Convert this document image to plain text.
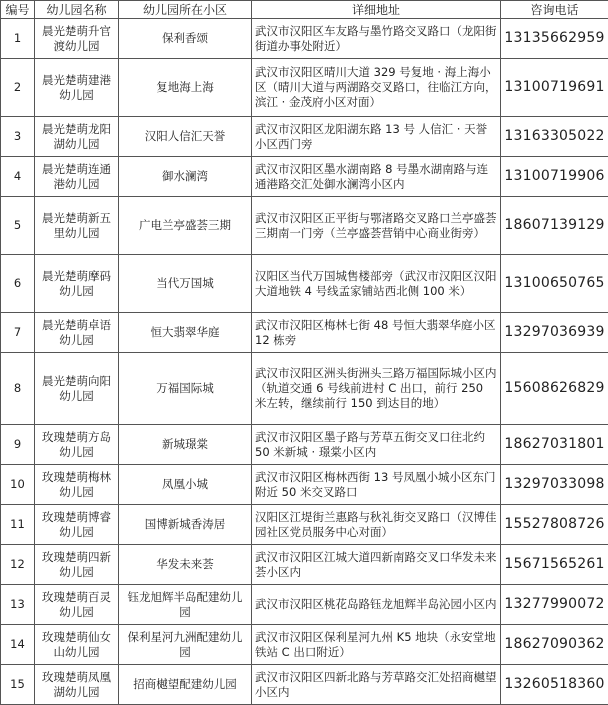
编号	幼儿园名称	幼儿园所在小区	详细地址	咨询电话
1	晨光楚萌升官渡幼儿园	保利香颂	武汉市汉阳区车友路与墨竹路交叉路口（龙阳街街道办事处附近）	13135662959
2	晨光楚萌建港幼儿园	复地海上海	武汉市汉阳区晴川大道 329 号复地 · 海上海小区（晴川大道与两湖路交叉路口，往临江方向，滨江 · 金茂府小区对面）	13100719691
3	晨光楚萌龙阳湖幼儿园	汉阳人信汇天誉	武汉市汉阳区龙阳湖东路 13 号 人信汇 · 天誉小区西门旁	13163305022
4	晨光楚萌连通港幼儿园	御水澜湾	武汉市汉阳区墨水湖南路 8 号墨水湖南路与连通港路交汇处御水澜湾小区内	13100719906
5	晨光楚萌新五里幼儿园	广电兰亭盛荟三期	武汉市汉阳区正平街与鄂渚路交叉路口兰亭盛荟三期南一门旁（兰亭盛荟营销中心商业街旁）	18607139129
6	晨光楚萌摩码幼儿园	当代万国城	汉阳区当代万国城售楼部旁（武汉市汉阳区汉阳大道地铁 4 号线孟家铺站西北侧 100 米）	13100650765
7	晨光楚萌卓语幼儿园	恒大翡翠华庭	武汉市汉阳区梅林七街 48 号恒大翡翠华庭小区 12 栋旁	13297036939
8	晨光楚萌向阳幼儿园	万福国际城	武汉市汉阳区洲头街洲头三路万福国际城小区内（轨道交通 6 号线前进村 C 出口，前行 250 米左转，继续前行 150 到达目的地）	15608626829
9	玫瑰楚萌方岛幼儿园	新城璟棠	武汉市汉阳区墨子路与芳草五街交叉口往北约 50 米新城 · 璟棠小区内	18627031801
10	玫瑰楚萌梅林幼儿园	凤凰小城	武汉市汉阳区梅林西街 13 号凤凰小城小区东门附近 50 米交叉路口	13297033098
11	玫瑰楚萌博睿幼儿园	国博新城香涛居	汉阳区江堤街兰惠路与秋礼街交叉路口（汉博佳园社区党员服务中心对面）	15527808726
12	玫瑰楚萌四新幼儿园	华发未来荟	武汉市汉阳区江城大道四新南路交叉口华发未来荟小区内	15671565261
13	玫瑰楚萌百灵幼儿园	钰龙旭辉半岛配建幼儿园	武汉市汉阳区桃花岛路钰龙旭辉半岛沁园小区内	13277990072
14	玫瑰楚萌仙女山幼儿园	保利星河九洲配建幼儿园	武汉市汉阳区保利星河九州 K5 地块（永安堂地铁站 C 出口附近）	18627090362
15	玫瑰楚萌凤凰湖幼儿园	招商樾望配建幼儿园	武汉市汉阳区四新北路与芳草路交汇处招商樾望小区内	13260518360
